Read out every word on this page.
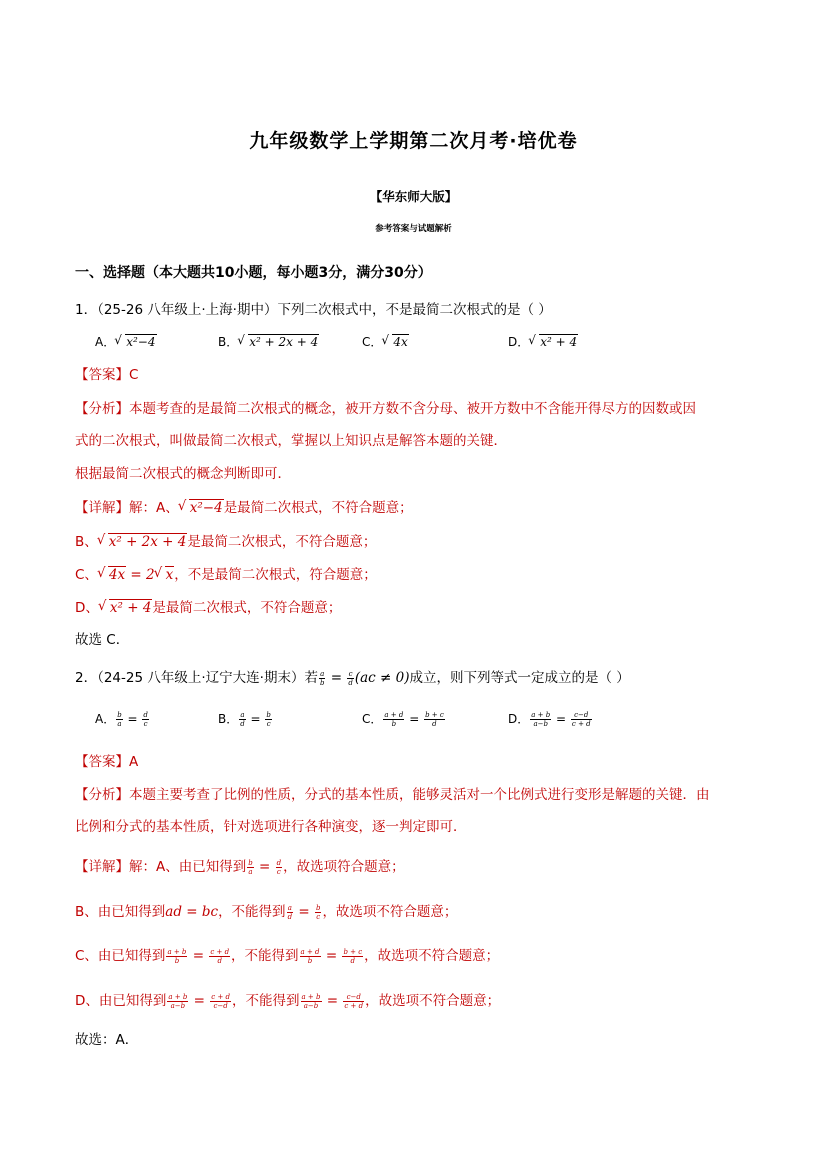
九年级数学上学期第二次月考·培优卷
【华东师大版】
参考答案与试题解析
一、选择题（本大题共10小题，每小题3分，满分30分）
1．（25-26 八年级上·上海·期中）下列二次根式中，不是最简二次根式的是（ ）
A． √ x²−4	B． √ x² + 2x + 4	C． √ 4x	D． √ x² + 4
【答案】C
【分析】本题考查的是最简二次根式的概念，被开方数不含分母、被开方数中不含能开得尽方的因数或因
式的二次根式，叫做最简二次根式，掌握以上知识点是解答本题的关键．
根据最简二次根式的概念判断即可．
【详解】解：A、 √ x²−4是最简二次根式，不符合题意；
B、 √ x² + 2x + 4是最简二次根式，不符合题意；
C、 √ 4x = 2 √ x，不是最简二次根式，符合题意；
D、 √ x² + 4是最简二次根式，不符合题意；
故选 C．
2．（24-25 八年级上·辽宁大连·期末）若 $\frac{a}{b} = \frac{c}{d} (ac \ne 0)$成立，则下列等式一定成立的是（ ）
A． $\frac{b}{a} = \frac{d}{c}$	B． $\frac{a}{d} = \frac{b}{c}$	C． $\frac{a + d}{b} = \frac{b + c}{d}$	D． $\frac{a + b}{a-b} = \frac{c-d}{c + d}$
【答案】A
【分析】本题主要考查了比例的性质，分式的基本性质，能够灵活对一个比例式进行变形是解题的关键．由
比例和分式的基本性质，针对选项进行各种演变，逐一判定即可．
【详解】解：A、由已知得到 $\frac{b}{a} = \frac{d}{c}$ ，故选项符合题意；
B、由已知得到ad = bc，不能得到 $\frac{a}{d} = \frac{b}{c}$ ，故选项不符合题意；
C、由已知得到 $\frac{a + b}{b} = \frac{c + d}{d}$ ，不能得到 $\frac{a + d}{b} = \frac{b + c}{d}$ ，故选项不符合题意；
D、由已知得到 $\frac{a + b}{a-b} = \frac{c + d}{c-d}$ ，不能得到 $\frac{a + b}{a-b} = \frac{c-d}{c + d}$ ，故选项不符合题意；
故选：A．
